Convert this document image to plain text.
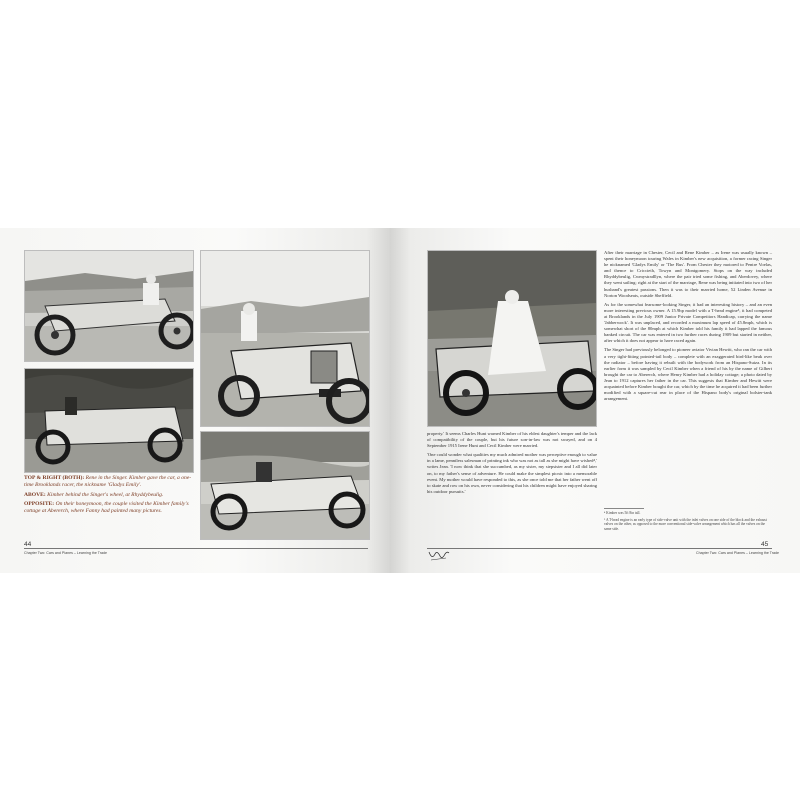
TOP & RIGHT (BOTH): Rene in the Singer. Kimber gave the car, a one-time Brooklands racer, the nickname 'Gladys Emily'.

ABOVE: Kimber behind the Singer's wheel, at Rhyddybeulig.

OPPOSITE: On their honeymoon, the couple visited the Kimber family's cottage at Abererch, where Fanny had painted many pictures.

44
Chapter Two: Cars and Planes – Learning the Trade

property.' It seems Charles Hunt warned Kimber of his eldest daughter's temper and the lack of compatibility of the couple, but his future son-in-law was not swayed, and on 4 September 1915 Irene Hunt and Cecil Kimber were married.

'One could wonder what qualities my much admired mother was perceptive enough to value in a lame, penniless salesman of printing ink who was not as tall as she might have wished⁴,' writes Jean. 'I now think that she succumbed, as my sister, my stepsister and I all did later on, to my father's sense of adventure. He could make the simplest picnic into a memorable event. My mother would have responded to this, as she once told me that her father went off to skate and row on his own, never considering that his children might have enjoyed sharing his outdoor pursuits.'

After their marriage in Chester, Cecil and Rene Kimber – as Irene was usually known – spent their honeymoon touring Wales in Kimber's new acquisition, a former racing Singer he nicknamed 'Gladys Emily' or 'The Bus'. From Chester they motored to Pentre Voelas, and thence to Criccieth, Towyn and Montgomery. Stops on the way included Rhyddybeulig, Cwmystradllyn, where the pair tried some fishing, and Aberdovey, where they went sailing; right at the start of the marriage, Rene was being initiated into two of her husband's greatest passions. Then it was to their married home, 52 Linden Avenue in Norton Woodseats, outside Sheffield.

As for the somewhat fearsome-looking Singer, it had an interesting history – and an even more interesting previous owner. A 15.9hp model with a T-head engine⁵, it had competed at Brooklands in the July 1909 Junior Private Competitors Handicap, carrying the name 'Jabberwock'. It was unplaced, and recorded a maximum lap speed of 45.8mph, which is somewhat short of the 80mph at which Kimber told his family it had lapped the famous banked circuit. The car was entered in two further races during 1909 but started in neither, after which it does not appear to have raced again.

The Singer had previously belonged to pioneer aviator Vivian Hewitt, who ran the car with a very tight-fitting pointed-tail body – complete with an exaggerated bird-like beak over the radiator – before having it rebuilt with the bodywork from an Hispano-Suiza. In its earlier form it was sampled by Cecil Kimber when a friend of his by the name of Gilbert brought the car to Abererch, where Henry Kimber had a holiday cottage; a photo dated by Jean to 1912 captures her father in the car. This suggests that Kimber and Hewitt were acquainted before Kimber bought the car, which by the time he acquired it had been further modified with a square-cut rear in place of the Hispano body's original bolster-tank arrangement.

⁴ Kimber was 5ft 8in tall.

⁵ A T-head engine is an early type of side-valve unit with the inlet valves on one side of the block and the exhaust valves on the other, as opposed to the more conventional side-valve arrangement which has all the valves on the same side.

45
Chapter Two: Cars and Planes – Learning the Trade
